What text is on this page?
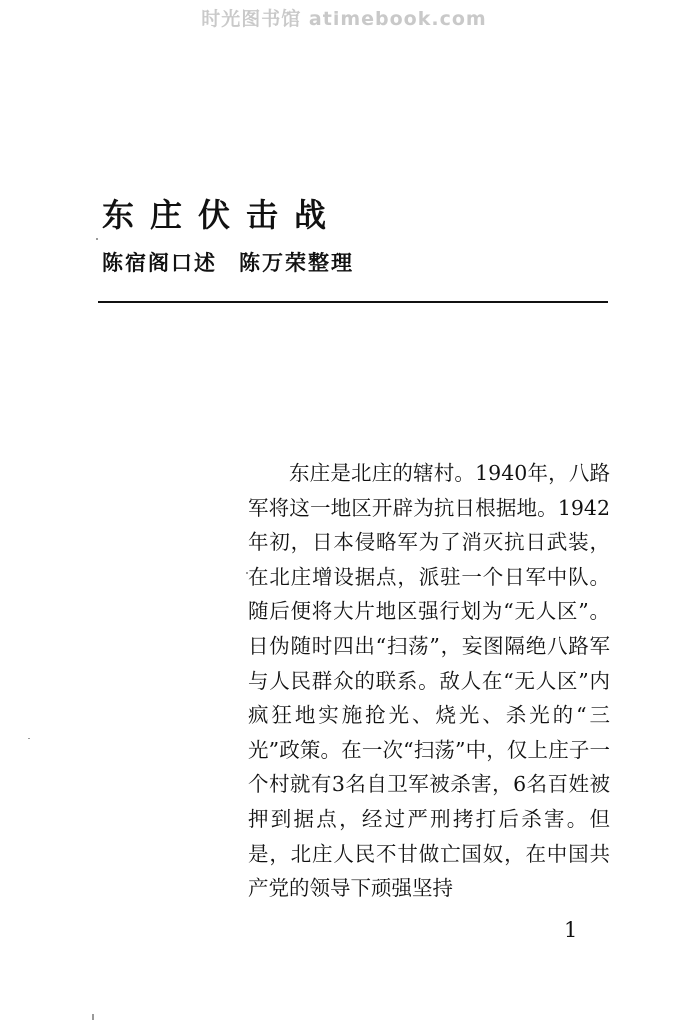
时光图书馆 atimebook.com
东庄伏击战
陈宿阁口述 陈万荣整理

东庄是北庄的辖村。1940年，八路军将这一地区开辟为抗日根据地。1942年初，日本侵略军为了消灭抗日武装，在北庄增设据点，派驻一个日军中队。随后便将大片地区强行划为“无人区”。日伪随时四出“扫荡”，妄图隔绝八路军与人民群众的联系。敌人在“无人区”内疯狂地实施抢光、烧光、杀光的“三光”政策。在一次“扫荡”中，仅上庄子一个村就有3名自卫军被杀害，6名百姓被押到据点，经过严刑拷打后杀害。但是，北庄人民不甘做亡国奴，在中国共产党的领导下顽强坚持

1
